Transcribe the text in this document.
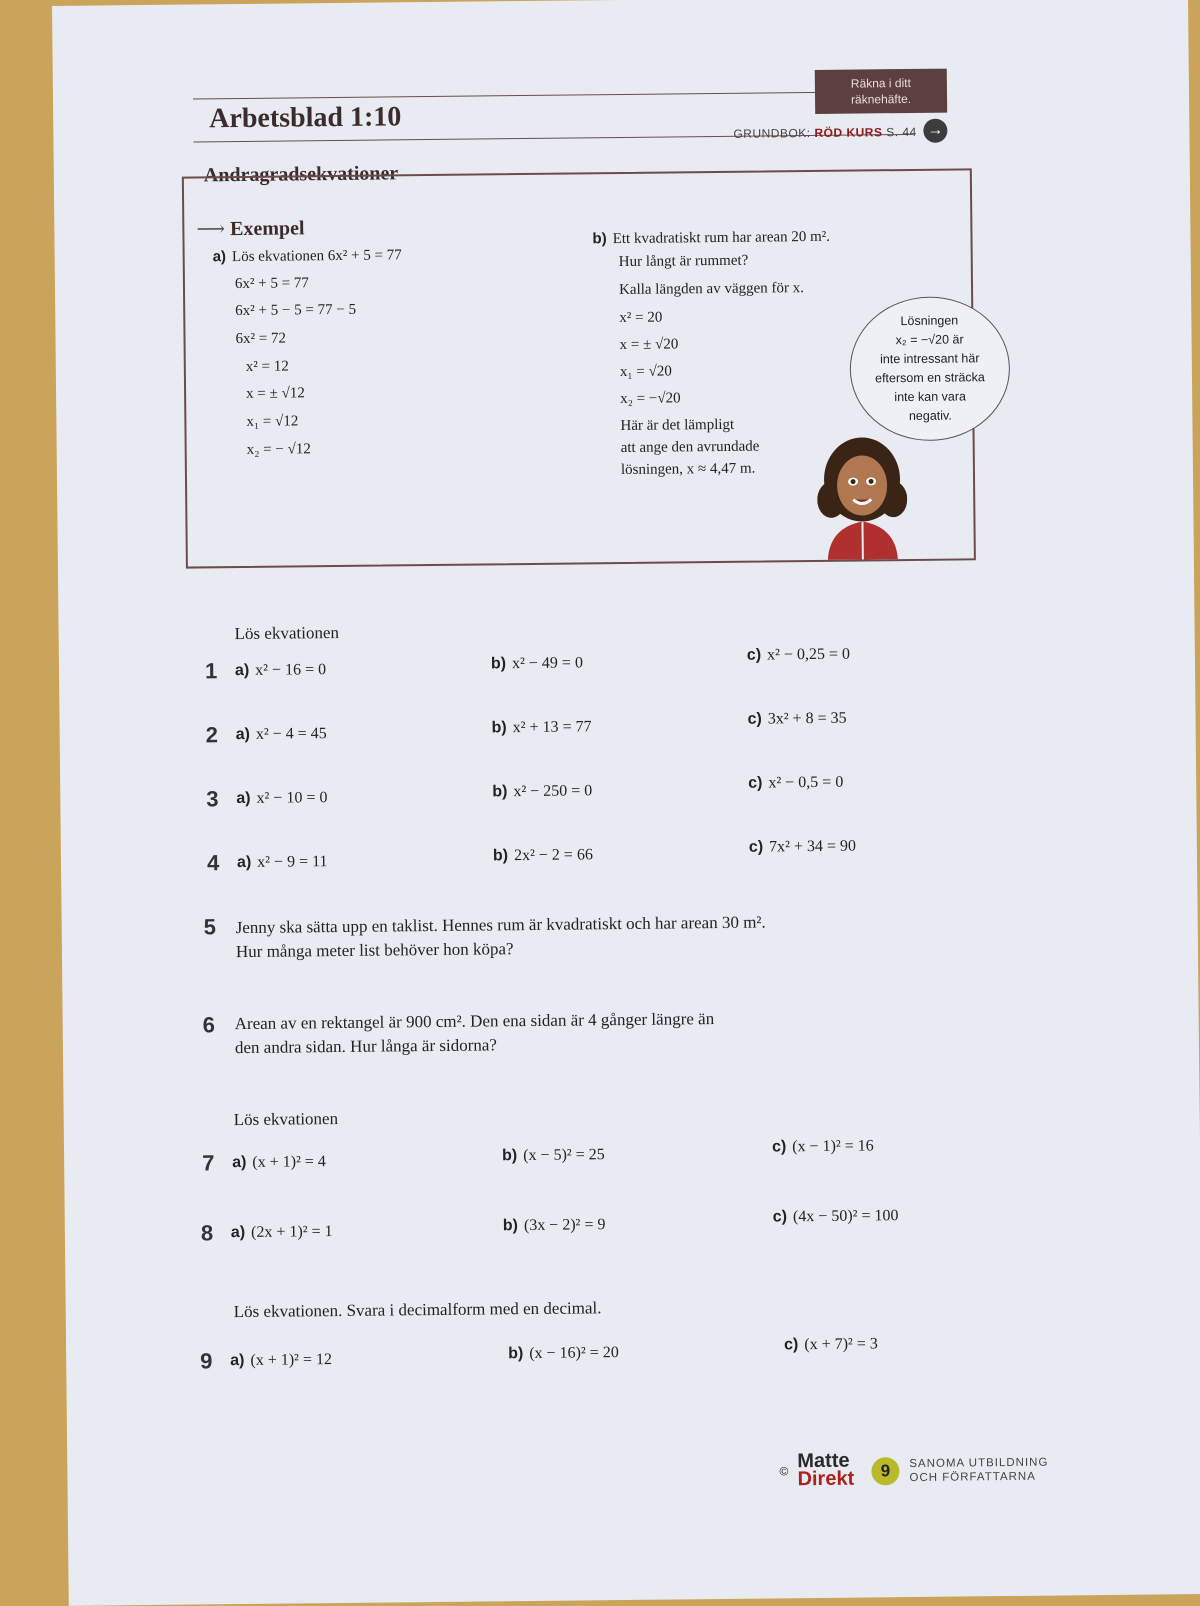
Arbetsblad 1:10
Räkna i ditt
räknehäfte.
GRUNDBOK: RÖD KURS S. 44 →
Andragradsekvationer
⟶ Exempel
a) Lös ekvationen 6x² + 5 = 77
6x² + 5 = 77
6x² + 5 − 5 = 77 − 5
6x² = 72
x² = 12
x = ± √12
x₁ = √12
x₂ = − √12
b) Ett kvadratiskt rum har arean 20 m².
Hur långt är rummet?
Kalla längden av väggen för x.
x² = 20
x = ± √20
x₁ = √20
x₂ = −√20
Här är det lämpligt
att ange den avrundade
lösningen, x ≈ 4,47 m.
Lösningen
x₂ = −√20 är
inte intressant här
eftersom en sträcka
inte kan vara
negativ.
Lös ekvationen
1 a) x² − 16 = 0	b) x² − 49 = 0	c) x² − 0,25 = 0
2 a) x² − 4 = 45	b) x² + 13 = 77	c) 3x² + 8 = 35
3 a) x² − 10 = 0	b) x² − 250 = 0	c) x² − 0,5 = 0
4 a) x² − 9 = 11	b) 2x² − 2 = 66	c) 7x² + 34 = 90
5 Jenny ska sätta upp en taklist. Hennes rum är kvadratiskt och har arean 30 m².
Hur många meter list behöver hon köpa?
6 Arean av en rektangel är 900 cm². Den ena sidan är 4 gånger längre än
den andra sidan. Hur långa är sidorna?
Lös ekvationen
7 a) (x + 1)² = 4	b) (x − 5)² = 25	c) (x − 1)² = 16
8 a) (2x + 1)² = 1	b) (3x − 2)² = 9	c) (4x − 50)² = 100
Lös ekvationen. Svara i decimalform med en decimal.
9 a) (x + 1)² = 12	b) (x − 16)² = 20	c) (x + 7)² = 3
© Matte
Direkt	9	SANOMA UTBILDNING
OCH FÖRFATTARNA
